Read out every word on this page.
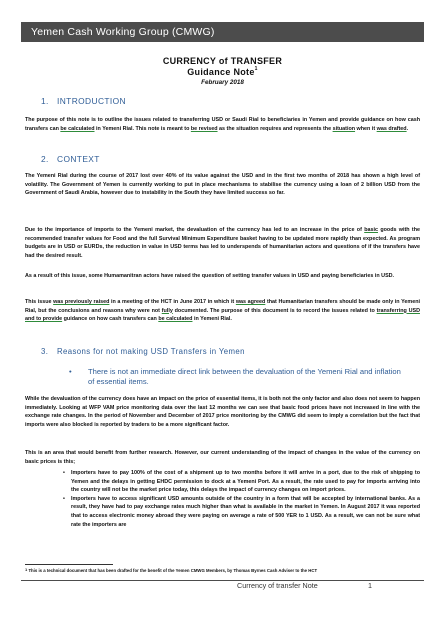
Yemen Cash Working Group (CMWG)
CURRENCY of TRANSFER
Guidance Note$^1$
February 2018
1. INTRODUCTION

The purpose of this note is to outline the issues related to transferring USD or Saudi Rial to beneficiaries in Yemen and provide guidance on how cash transfers can be calculated in Yemeni Rial. This note is meant to be revised as the situation requires and represents the situation when it was drafted.

2. CONTEXT

The Yemeni Rial during the course of 2017 lost over 40% of its value against the USD and in the first two months of 2018 has shown a high level of volatility. The Government of Yemen is currently working to put in place mechanisms to stabilise the currency using a loan of 2 billion USD from the Government of Saudi Arabia, however due to instability in the South they have limited success so far.

Due to the importance of imports to the Yemeni market, the devaluation of the currency has led to an increase in the price of basic goods with the recommended transfer values for Food and the full Survival Minimum Expenditure basket having to be updated more rapidly than expected. As program budgets are in USD or EURDs, the reduction in value in USD terms has led to underspends of humanitarian actors and questions of if the transfers have had the desired result.

As a result of this issue, some Humamanitran actors have raised the question of setting transfer values in USD and paying beneficiaries in USD.

This issue was previously raised in a meeting of the HCT in June 2017 in which it was agreed that Humanitarian transfers should be made only in Yemeni Rial, but the conclusions and reasons why were not fully documented. The purpose of this document is to record the issues related to transferring USD and to provide guidance on how cash transfers can be calculated in Yemeni Rial.

3. Reasons for not making USD Transfers in Yemen
• There is not an immediate direct link between the devaluation of the Yemeni Rial and inflation of essential items.

While the devaluation of the currency does have an impact on the price of essential items, it is both not the only factor and also does not seem to happen immediately. Looking at WFP VAM price monitoring data over the last 12 months we can see that basic food prices have not increased in line with the exchange rate changes. In the period of November and December of 2017 price monitoring by the CMWG did seem to imply a correlation but the fact that imports were also blocked is reported by traders to be a more significant factor.

This is an area that would benefit from further research. However, our current understanding of the impact of changes in the value of the currency on basic prices is this;

• Importers have to pay 100% of the cost of a shipment up to two months before it will arrive in a port, due to the risk of shipping to Yemen and the delays in getting EHDC permission to dock at a Yemeni Port. As a result, the rate used to pay for imports arriving into the country will not be the market price today, this delays the impact of currency changes on import prices.
• Importers have to access significant USD amounts outside of the country in a form that will be accepted by international banks. As a result, they have had to pay exchange rates much higher than what is available in the market in Yemen. In August 2017 it was reported that to access electronic money abroad they were paying on average a rate of 500 YER to 1 USD. As a result, we can not be sure what rate the importers are
$^1$ This is a technical document that has been drafted for the benefit of the Yemen CMWG Members, by Thomas Byrnes Cash Adviser to the HCT
Currency of transfer Note	1
